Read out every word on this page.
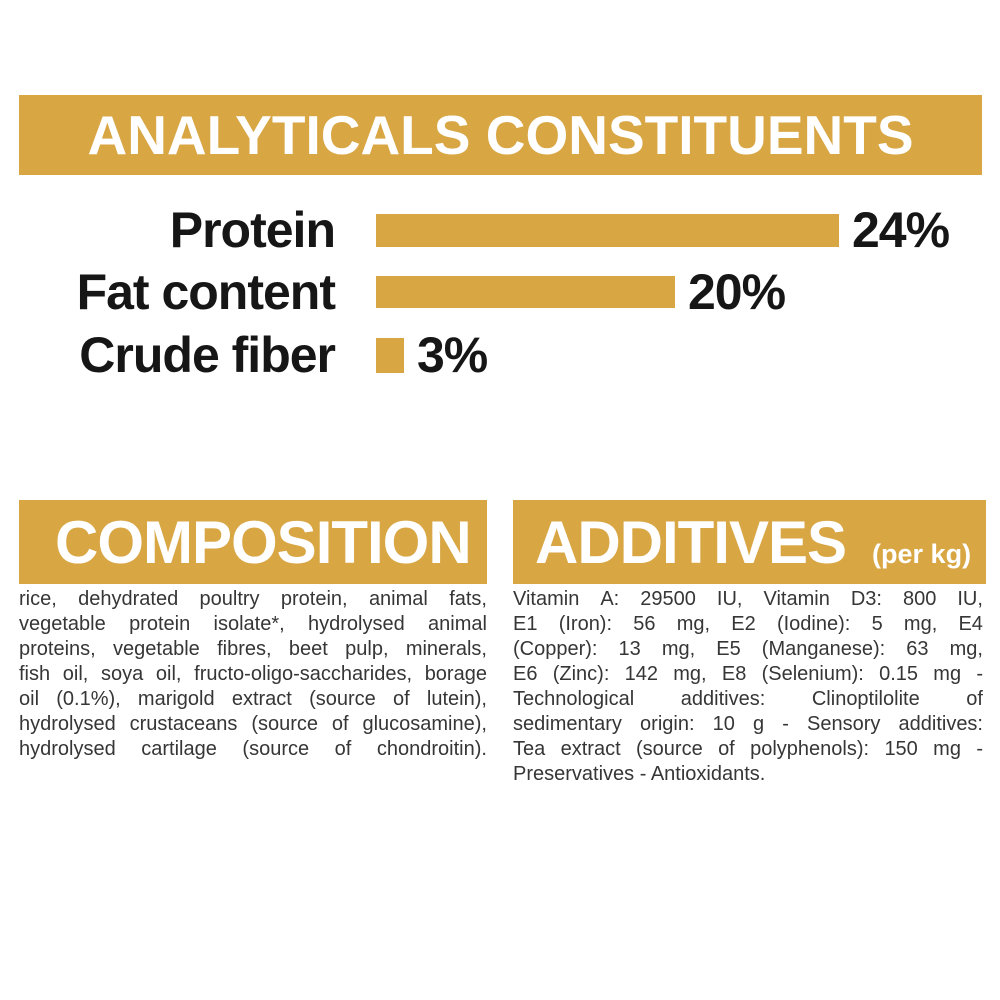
ANALYTICALS CONSTITUENTS
Protein	24%
Fat content	20%
Crude fiber 3%
COMPOSITION
rice, dehydrated poultry protein, animal fats,
vegetable protein isolate*, hydrolysed animal
proteins, vegetable fibres, beet pulp, minerals,
fish oil, soya oil, fructo-oligo-saccharides, borage
oil (0.1%), marigold extract (source of lutein),
hydrolysed crustaceans (source of glucosamine),
hydrolysed cartilage (source of chondroitin).
ADDITIVES (per kg)
Vitamin A: 29500 IU, Vitamin D3: 800 IU,
E1 (Iron): 56 mg, E2 (Iodine): 5 mg, E4
(Copper): 13 mg, E5 (Manganese): 63 mg,
E6 (Zinc): 142 mg, E8 (Selenium): 0.15 mg -
Technological additives: Clinoptilolite of
sedimentary origin: 10 g - Sensory additives:
Tea extract (source of polyphenols): 150 mg -
Preservatives - Antioxidants.
